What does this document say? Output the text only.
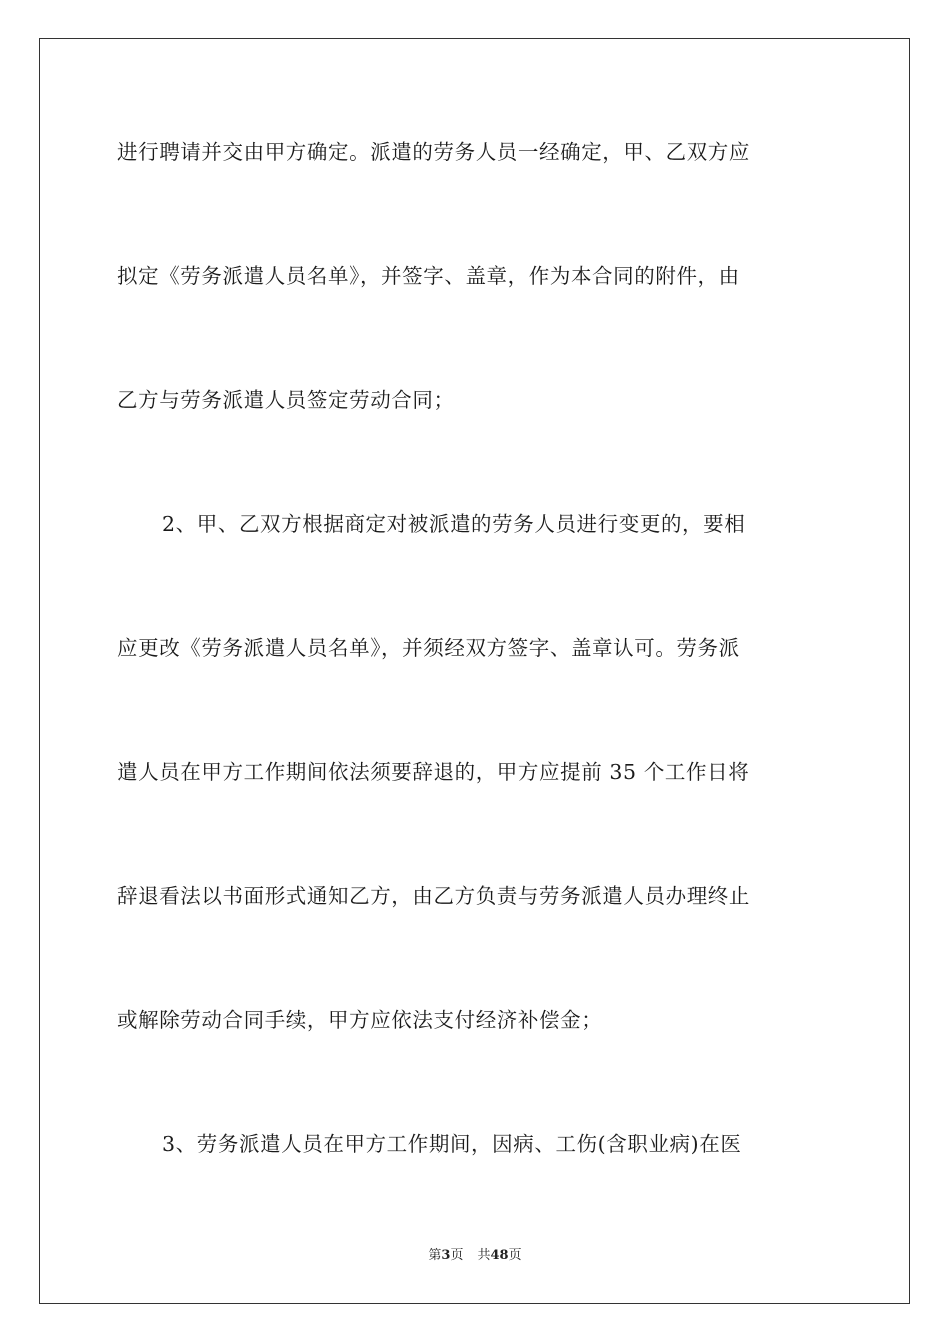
进行聘请并交由甲方确定。派遣的劳务人员一经确定，甲、乙双方应
拟定《劳务派遣人员名单》，并签字、盖章，作为本合同的附件，由
乙方与劳务派遣人员签定劳动合同；
2、甲、乙双方根据商定对被派遣的劳务人员进行变更的，要相
应更改《劳务派遣人员名单》，并须经双方签字、盖章认可。劳务派
遣人员在甲方工作期间依法须要辞退的，甲方应提前 35 个工作日将
辞退看法以书面形式通知乙方，由乙方负责与劳务派遣人员办理终止
或解除劳动合同手续，甲方应依法支付经济补偿金；
3、劳务派遣人员在甲方工作期间，因病、工伤(含职业病)在医
第3页 共48页
